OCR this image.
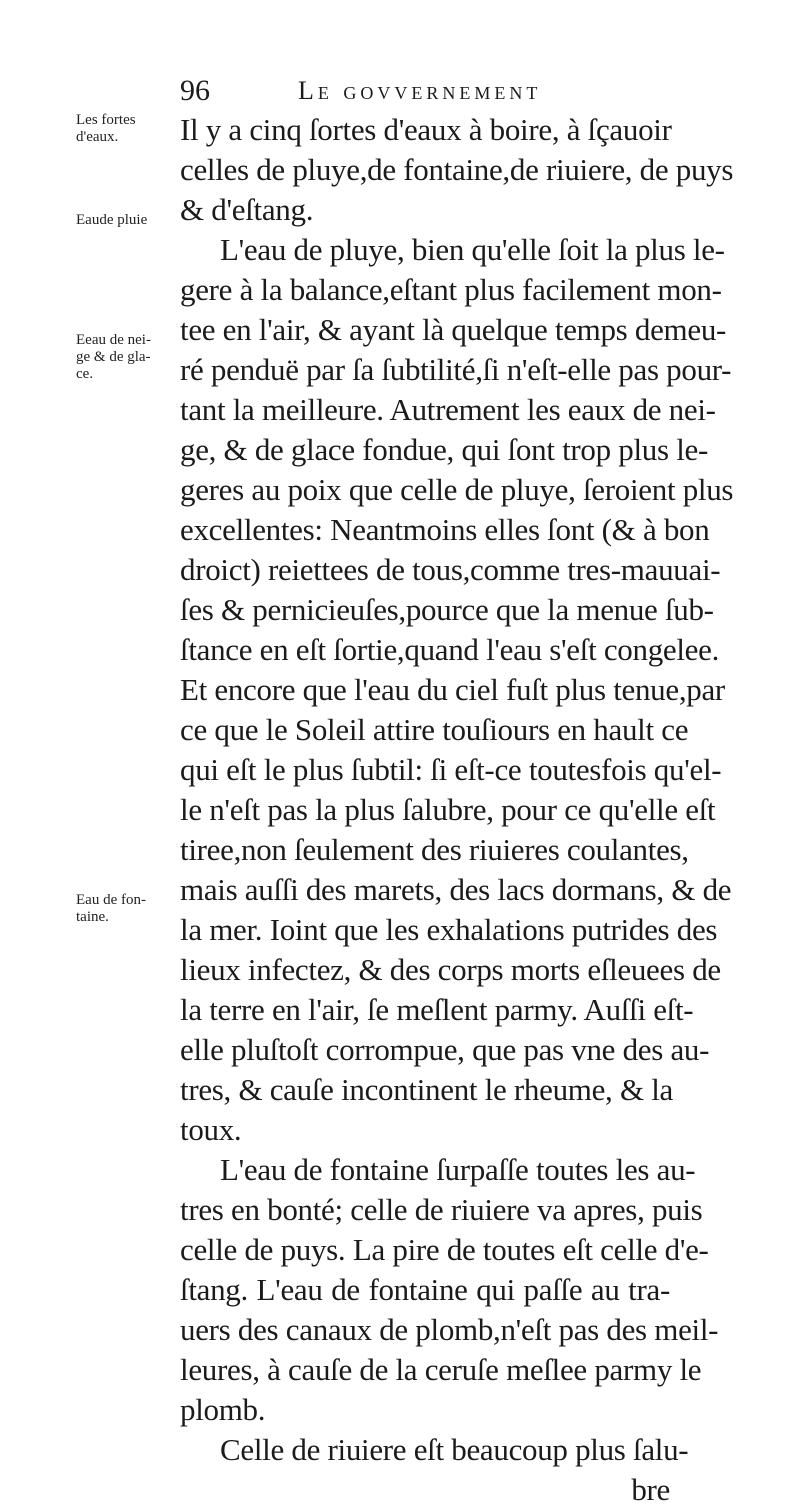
96	Le govvernement
Les fortes
d'eaux.
Eaude pluie
Eeau de nei-
ge & de gla-
ce.
Eau de fon-
taine.
Il y a cinq ſortes d'eaux à boire, à ſçauoir
celles de pluye,de fontaine,de riuiere, de puys
& d'eſtang.
L'eau de pluye, bien qu'elle ſoit la plus le-
gere à la balance,eſtant plus facilement mon-
tee en l'air, & ayant là quelque temps demeu-
ré penduë par ſa ſubtilité,ſi n'eſt-elle pas pour-
tant la meilleure. Autrement les eaux de nei-
ge, & de glace fondue, qui ſont trop plus le-
geres au poix que celle de pluye, ſeroient plus
excellentes: Neantmoins elles ſont (& à bon
droict) reiettees de tous,comme tres-mauuai-
ſes & pernicieuſes,pource que la menue ſub-
ſtance en eſt ſortie,quand l'eau s'eſt congelee.
Et encore que l'eau du ciel fuſt plus tenue,par
ce que le Soleil attire touſiours en hault ce
qui eſt le plus ſubtil: ſi eſt-ce toutesfois qu'el-
le n'eſt pas la plus ſalubre, pour ce qu'elle eſt
tiree,non ſeulement des riuieres coulantes,
mais auſſi des marets, des lacs dormans, & de
la mer. Ioint que les exhalations putrides des
lieux infectez, & des corps morts eſleuees de
la terre en l'air, ſe meſlent parmy. Auſſi eſt-
elle pluſtoſt corrompue, que pas vne des au-
tres, & cauſe incontinent le rheume, & la
toux.
L'eau de fontaine ſurpaſſe toutes les au-
tres en bonté; celle de riuiere va apres, puis
celle de puys. La pire de toutes eſt celle d'e-
ſtang. L'eau de fontaine qui paſſe au tra-
uers des canaux de plomb,n'eſt pas des meil-
leures, à cauſe de la ceruſe meſlee parmy le
plomb.
Celle de riuiere eſt beaucoup plus ſalu-
bre
